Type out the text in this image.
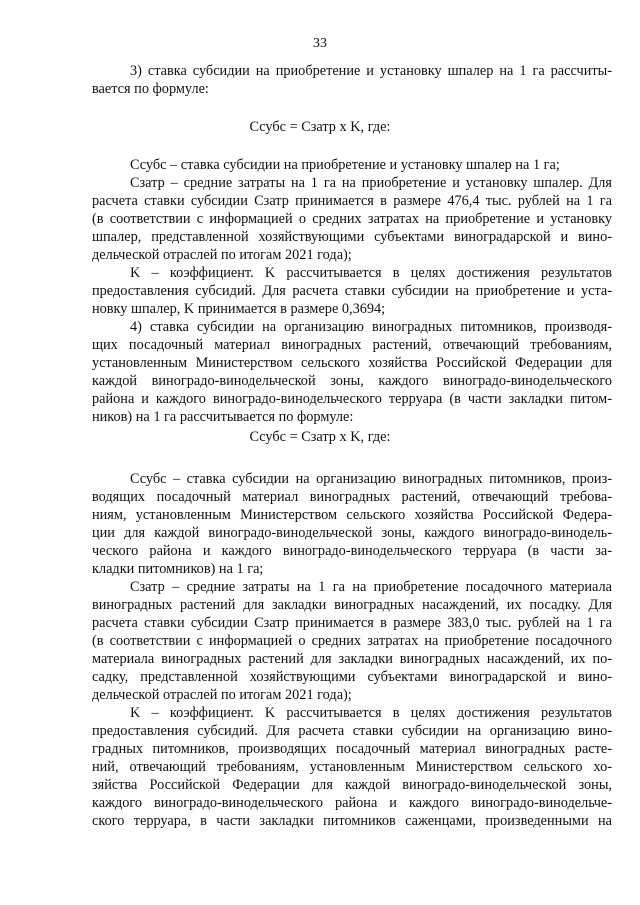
33
3) ставка субсидии на приобретение и установку шпалер на 1 га рассчиты-
вается по формуле:
Ссубс = Сзатр x K, где:
Ссубс – ставка субсидии на приобретение и установку шпалер на 1 га;
Сзатр – средние затраты на 1 га на приобретение и установку шпалер. Для
расчета ставки субсидии Сзатр принимается в размере 476,4 тыс. рублей на 1 га
(в соответствии с информацией о средних затратах на приобретение и установку
шпалер, представленной хозяйствующими субъектами виноградарской и вино-
дельческой отраслей по итогам 2021 года);
K – коэффициент. K рассчитывается в целях достижения результатов
предоставления субсидий. Для расчета ставки субсидии на приобретение и уста-
новку шпалер, K принимается в размере 0,3694;
4) ставка субсидии на организацию виноградных питомников, производя-
щих посадочный материал виноградных растений, отвечающий требованиям,
установленным Министерством сельского хозяйства Российской Федерации для
каждой виноградо-винодельческой зоны, каждого виноградо-винодельческого
района и каждого виноградо-винодельческого терруара (в части закладки питом-
ников) на 1 га рассчитывается по формуле:
Ссубс = Сзатр x K, где:
Ссубс – ставка субсидии на организацию виноградных питомников, произ-
водящих посадочный материал виноградных растений, отвечающий требова-
ниям, установленным Министерством сельского хозяйства Российской Федера-
ции для каждой виноградо-винодельческой зоны, каждого виноградо-винодель-
ческого района и каждого виноградо-винодельческого терруара (в части за-
кладки питомников) на 1 га;
Сзатр – средние затраты на 1 га на приобретение посадочного материала
виноградных растений для закладки виноградных насаждений, их посадку. Для
расчета ставки субсидии Сзатр принимается в размере 383,0 тыс. рублей на 1 га
(в соответствии с информацией о средних затратах на приобретение посадочного
материала виноградных растений для закладки виноградных насаждений, их по-
садку, представленной хозяйствующими субъектами виноградарской и вино-
дельческой отраслей по итогам 2021 года);
K – коэффициент. K рассчитывается в целях достижения результатов
предоставления субсидий. Для расчета ставки субсидии на организацию вино-
градных питомников, производящих посадочный материал виноградных расте-
ний, отвечающий требованиям, установленным Министерством сельского хо-
зяйства Российской Федерации для каждой виноградо-винодельческой зоны,
каждого виноградо-винодельческого района и каждого виноградо-винодельче-
ского терруара, в части закладки питомников саженцами, произведенными на
